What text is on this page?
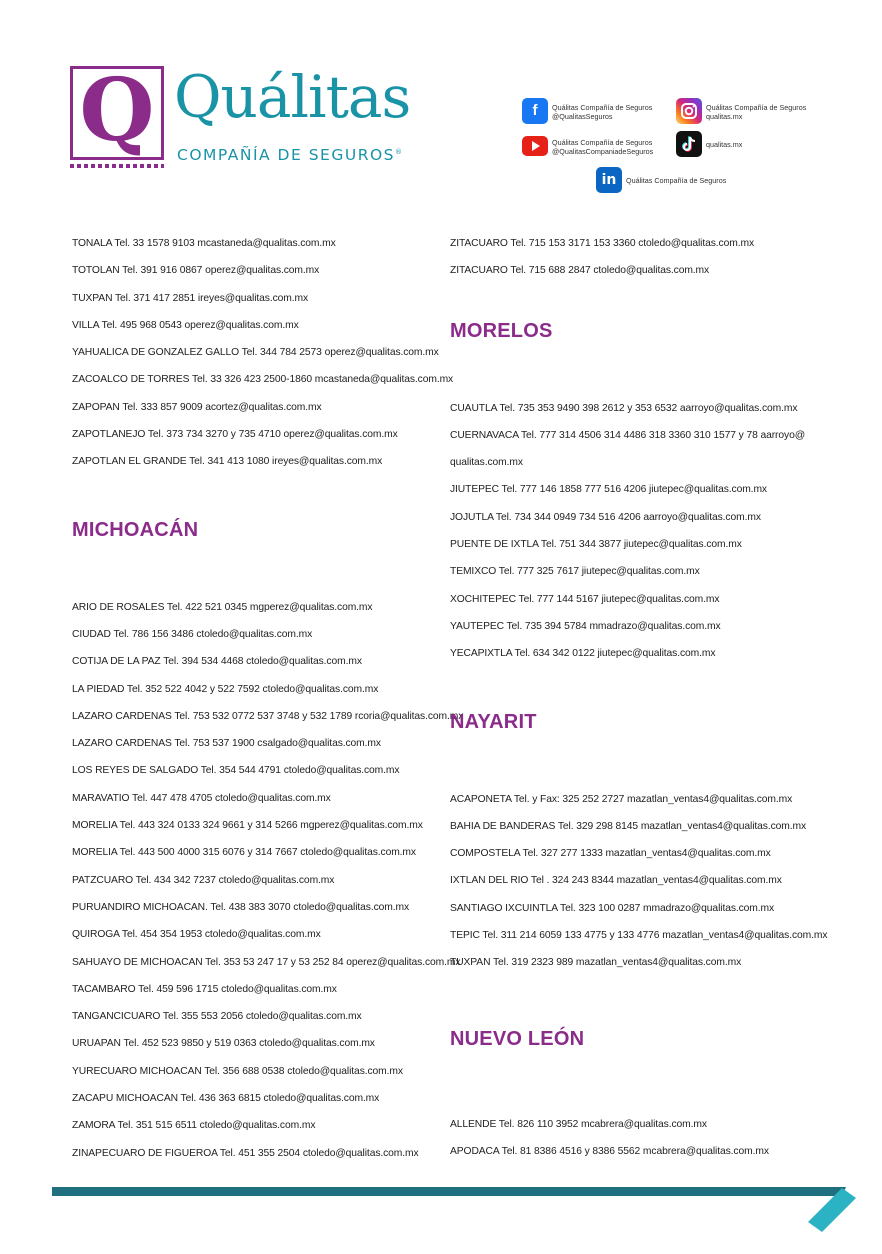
Q Quálitas
COMPAÑÍA DE SEGUROS®
f	Quálitas Compañía de Seguros
@QualitasSeguros
Quálitas Compañía de Seguros
qualitas.mx
Quálitas Compañía de Seguros
@QualitasCompaniadeSeguros
qualitas.mx
in	Quálitas Compañía de Seguros
TONALA Tel. 33 1578 9103 mcastaneda@qualitas.com.mx
TOTOLAN Tel. 391 916 0867 operez@qualitas.com.mx
TUXPAN Tel. 371 417 2851 ireyes@qualitas.com.mx
VILLA Tel. 495 968 0543 operez@qualitas.com.mx
YAHUALICA DE GONZALEZ GALLO Tel. 344 784 2573 operez@qualitas.com.mx
ZACOALCO DE TORRES Tel. 33 326 423 2500-1860 mcastaneda@qualitas.com.mx
ZAPOPAN Tel. 333 857 9009 acortez@qualitas.com.mx
ZAPOTLANEJO Tel. 373 734 3270 y 735 4710 operez@qualitas.com.mx
ZAPOTLAN EL GRANDE Tel. 341 413 1080 ireyes@qualitas.com.mx
MICHOACÁN
ARIO DE ROSALES Tel. 422 521 0345 mgperez@qualitas.com.mx
CIUDAD Tel. 786 156 3486 ctoledo@qualitas.com.mx
COTIJA DE LA PAZ Tel. 394 534 4468 ctoledo@qualitas.com.mx
LA PIEDAD Tel. 352 522 4042 y 522 7592 ctoledo@qualitas.com.mx
LAZARO CARDENAS Tel. 753 532 0772 537 3748 y 532 1789 rcoria@qualitas.com.mx
LAZARO CARDENAS Tel. 753 537 1900 csalgado@qualitas.com.mx
LOS REYES DE SALGADO Tel. 354 544 4791 ctoledo@qualitas.com.mx
MARAVATIO Tel. 447 478 4705 ctoledo@qualitas.com.mx
MORELIA Tel. 443 324 0133 324 9661 y 314 5266 mgperez@qualitas.com.mx
MORELIA Tel. 443 500 4000 315 6076 y 314 7667 ctoledo@qualitas.com.mx
PATZCUARO Tel. 434 342 7237 ctoledo@qualitas.com.mx
PURUANDIRO MICHOACAN. Tel. 438 383 3070 ctoledo@qualitas.com.mx
QUIROGA Tel. 454 354 1953 ctoledo@qualitas.com.mx
SAHUAYO DE MICHOACAN Tel. 353 53 247 17 y 53 252 84 operez@qualitas.com.mx
TACAMBARO Tel. 459 596 1715 ctoledo@qualitas.com.mx
TANGANCICUARO Tel. 355 553 2056 ctoledo@qualitas.com.mx
URUAPAN Tel. 452 523 9850 y 519 0363 ctoledo@qualitas.com.mx
YURECUARO MICHOACAN Tel. 356 688 0538 ctoledo@qualitas.com.mx
ZACAPU MICHOACAN Tel. 436 363 6815 ctoledo@qualitas.com.mx
ZAMORA Tel. 351 515 6511 ctoledo@qualitas.com.mx
ZINAPECUARO DE FIGUEROA Tel. 451 355 2504 ctoledo@qualitas.com.mx
ZITACUARO Tel. 715 153 3171 153 3360 ctoledo@qualitas.com.mx
ZITACUARO Tel. 715 688 2847 ctoledo@qualitas.com.mx
MORELOS
CUAUTLA Tel. 735 353 9490 398 2612 y 353 6532 aarroyo@qualitas.com.mx
CUERNAVACA Tel. 777 314 4506 314 4486 318 3360 310 1577 y 78 aarroyo@
qualitas.com.mx
JIUTEPEC Tel. 777 146 1858 777 516 4206 jiutepec@qualitas.com.mx
JOJUTLA Tel. 734 344 0949 734 516 4206 aarroyo@qualitas.com.mx
PUENTE DE IXTLA Tel. 751 344 3877 jiutepec@qualitas.com.mx
TEMIXCO Tel. 777 325 7617 jiutepec@qualitas.com.mx
XOCHITEPEC Tel. 777 144 5167 jiutepec@qualitas.com.mx
YAUTEPEC Tel. 735 394 5784 mmadrazo@qualitas.com.mx
YECAPIXTLA Tel. 634 342 0122 jiutepec@qualitas.com.mx
NAYARIT
ACAPONETA Tel. y Fax: 325 252 2727 mazatlan_ventas4@qualitas.com.mx
BAHIA DE BANDERAS Tel. 329 298 8145 mazatlan_ventas4@qualitas.com.mx
COMPOSTELA Tel. 327 277 1333 mazatlan_ventas4@qualitas.com.mx
IXTLAN DEL RIO Tel . 324 243 8344 mazatlan_ventas4@qualitas.com.mx
SANTIAGO IXCUINTLA Tel. 323 100 0287 mmadrazo@qualitas.com.mx
TEPIC Tel. 311 214 6059 133 4775 y 133 4776 mazatlan_ventas4@qualitas.com.mx
TUXPAN Tel. 319 2323 989 mazatlan_ventas4@qualitas.com.mx
NUEVO LEÓN
ALLENDE Tel. 826 110 3952 mcabrera@qualitas.com.mx
APODACA Tel. 81 8386 4516 y 8386 5562 mcabrera@qualitas.com.mx
